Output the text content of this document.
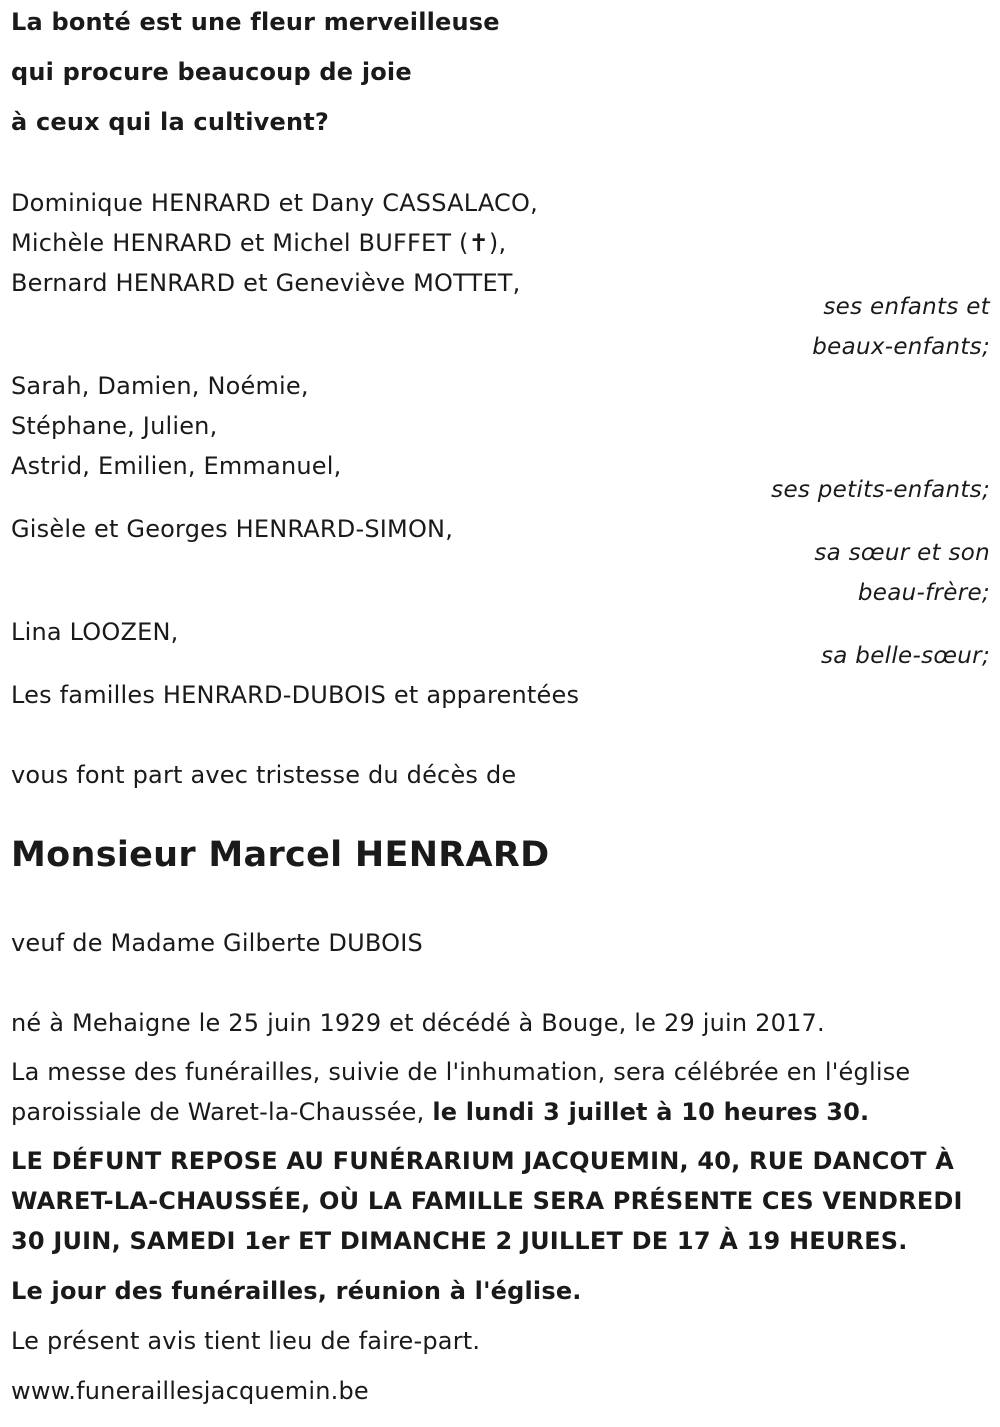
La bonté est une fleur merveilleuse

qui procure beaucoup de joie

à ceux qui la cultivent?

Dominique HENRARD et Dany CASSALACO,

Michèle HENRARD et Michel BUFFET (✝),

Bernard HENRARD et Geneviève MOTTET,

ses enfants et

beaux-enfants;

Sarah, Damien, Noémie,

Stéphane, Julien,

Astrid, Emilien, Emmanuel,

ses petits-enfants;

Gisèle et Georges HENRARD-SIMON,

sa sœur et son

beau-frère;

Lina LOOZEN,

sa belle-sœur;

Les familles HENRARD-DUBOIS et apparentées

vous font part avec tristesse du décès de

Monsieur Marcel HENRARD

veuf de Madame Gilberte DUBOIS

né à Mehaigne le 25 juin 1929 et décédé à Bouge, le 29 juin 2017.

La messe des funérailles, suivie de l'inhumation, sera célébrée en l'église

paroissiale de Waret-la-Chaussée, le lundi 3 juillet à 10 heures 30.

LE DÉFUNT REPOSE AU FUNÉRARIUM JACQUEMIN, 40, RUE DANCOT À

WARET-LA-CHAUSSÉE, OÙ LA FAMILLE SERA PRÉSENTE CES VENDREDI

30 JUIN, SAMEDI 1er ET DIMANCHE 2 JUILLET DE 17 À 19 HEURES.

Le jour des funérailles, réunion à l'église.

Le présent avis tient lieu de faire-part.

www.funeraillesjacquemin.be
